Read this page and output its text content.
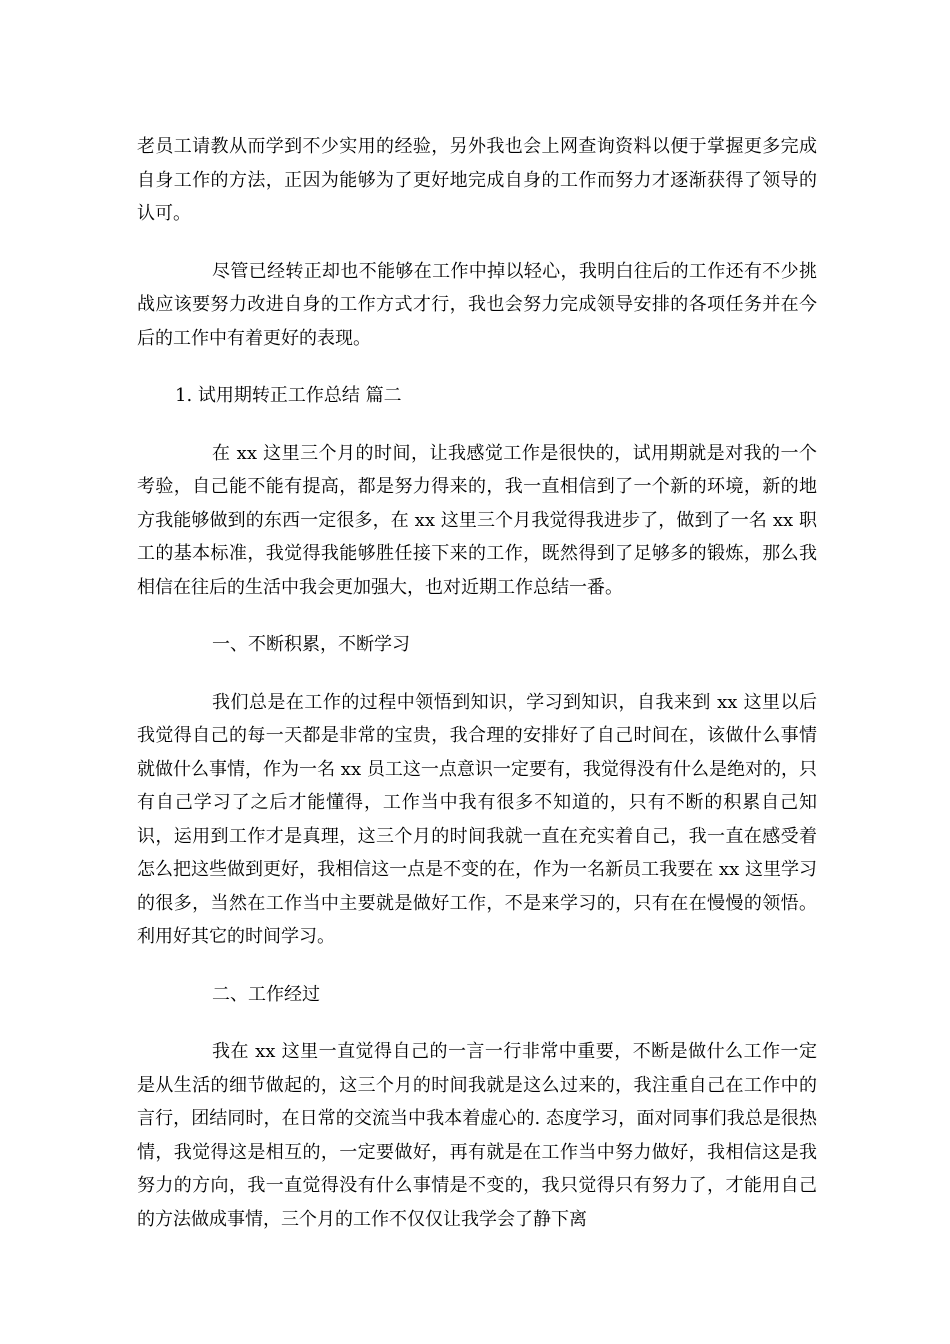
老员工请教从而学到不少实用的经验，另外我也会上网查询资料以便于掌握更多完成自身工作的方法，正因为能够为了更好地完成自身的工作而努力才逐渐获得了领导的认可。

尽管已经转正却也不能够在工作中掉以轻心，我明白往后的工作还有不少挑战应该要努力改进自身的工作方式才行，我也会努力完成领导安排的各项任务并在今后的工作中有着更好的表现。

1. 试用期转正工作总结 篇二

在 xx 这里三个月的时间，让我感觉工作是很快的，试用期就是对我的一个考验，自己能不能有提高，都是努力得来的，我一直相信到了一个新的环境，新的地方我能够做到的东西一定很多，在 xx 这里三个月我觉得我进步了，做到了一名 xx 职工的基本标准，我觉得我能够胜任接下来的工作，既然得到了足够多的锻炼，那么我相信在往后的生活中我会更加强大，也对近期工作总结一番。

一、不断积累，不断学习

我们总是在工作的过程中领悟到知识，学习到知识，自我来到 xx 这里以后我觉得自己的每一天都是非常的宝贵，我合理的安排好了自己时间在，该做什么事情就做什么事情，作为一名 xx 员工这一点意识一定要有，我觉得没有什么是绝对的，只有自己学习了之后才能懂得，工作当中我有很多不知道的，只有不断的积累自己知识，运用到工作才是真理，这三个月的时间我就一直在充实着自己，我一直在感受着怎么把这些做到更好，我相信这一点是不变的在，作为一名新员工我要在 xx 这里学习的很多，当然在工作当中主要就是做好工作，不是来学习的，只有在在慢慢的领悟。利用好其它的时间学习。

二、工作经过

我在 xx 这里一直觉得自己的一言一行非常中重要，不断是做什么工作一定是从生活的细节做起的，这三个月的时间我就是这么过来的，我注重自己在工作中的言行，团结同时，在日常的交流当中我本着虚心的. 态度学习，面对同事们我总是很热情，我觉得这是相互的，一定要做好，再有就是在工作当中努力做好，我相信这是我努力的方向，我一直觉得没有什么事情是不变的，我只觉得只有努力了，才能用自己的方法做成事情，三个月的工作不仅仅让我学会了静下离
